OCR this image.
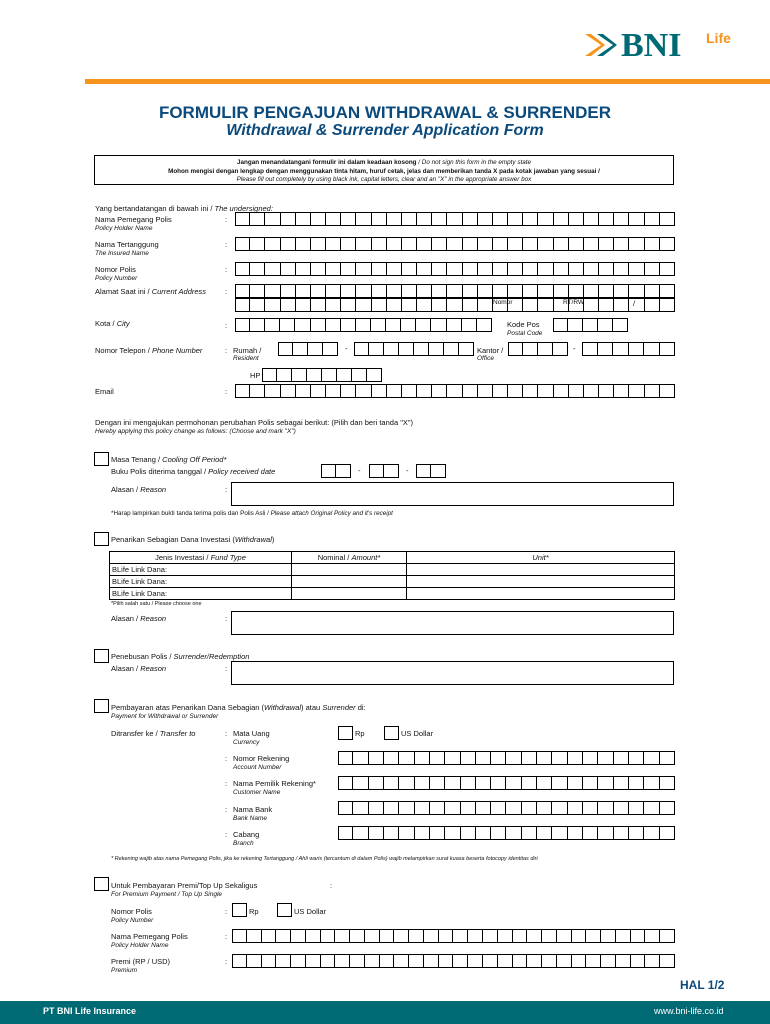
BNI Life
FORMULIR PENGAJUAN WITHDRAWAL & SURRENDER
Withdrawal & Surrender Application Form
Jangan menandatangani formulir ini dalam keadaan kosong / Do not sign this form in the empty state
Mohon mengisi dengan lengkap dengan menggunakan tinta hitam, huruf cetak, jelas dan memberikan tanda X pada kotak jawaban yang sesuai /
Please fill out completely by using black ink, capital letters, clear and an "X" in the appropriate answer box
Yang bertandatangan di bawah ini / The undersigned:
Nama Pemegang Polis
Policy Holder Name
:
Nama Tertanggung
The Insured Name
:
Nomor Polis
Policy Number
:
Alamat Saat ini / Current Address	:
Nomor	RT/RW	/
Kota / City	:	Kode Pos
Postal Code
Nomor Telepon / Phone Number	: Rumah /
Resident
-	Kantor /
Office
-
HP
Email	:
Dengan ini mengajukan permohonan perubahan Polis sebagai berikut: (Pilih dan beri tanda "X")
Hereby applying this policy change as follows: (Choose and mark "X")
Masa Tenang / Cooling Off Period*
Buku Polis diterima tanggal / Policy received date	-	-
Alasan / Reason	:
*Harap lampirkan bukti tanda terima polis dan Polis Asli / Please attach Original Policy and it's receipt
Penarikan Sebagian Dana Investasi (Withdrawal)
Jenis Investasi / Fund Type	Nominal / Amount*	Unit*
BLife Link Dana:		
BLife Link Dana:		
BLife Link Dana:		
*Pilih salah satu / Please choose one
Alasan / Reason	:
Penebusan Polis / Surrender/Redemption
Alasan / Reason	:
Pembayaran atas Penarikan Dana Sebagian (Withdrawal) atau Surrender di:
Payment for Withdrawal or Surrender
Ditransfer ke / Transfer to	: Mata Uang
Currency
Rp	US Dollar
: Nomor Rekening
Account Number
: Nama Pemilik Rekening*
Customer Name
: Nama Bank
Bank Name
: Cabang
Branch
* Rekening wajib atas nama Pemegang Polis, jika ke rekening Tertanggung / Ahli waris (tercantum di dalam Polis) wajib melampirkan surat kuasa beserta fotocopy identitas diri
Untuk Pembayaran Premi/Top Up Sekaligus	:
For Premium Payment / Top Up Single
Nomor Polis
Policy Number
:	Rp	US Dollar
Nama Pemegang Polis
Policy Holder Name
:
Premi (RP / USD)
Premium
:
HAL 1/2
PT BNI Life Insurance	www.bni-life.co.id
